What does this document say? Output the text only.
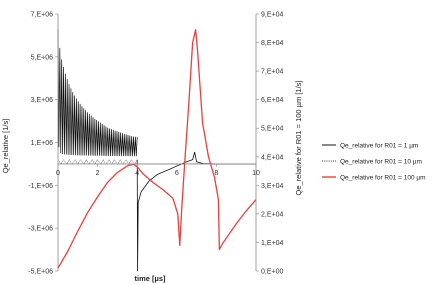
7,E+06
5,E+06
3,E+06
1,E+06
-1,E+06
-3,E+06
-5,E+06
9,E+04
8,E+04
7,E+04
6,E+04
5,E+04
4,E+04
3,E+04
2,E+04
1,E+04
0,E+00
0	2	4	6	8	10
Qe_relative [1/s]	Qe_relative for R01 = 100 µm [1/s]
time [µs]
Qe_relative for R01 = 1 µm
Qe_relative for R01 = 10 µm
Qe_relative for R01 = 100 µm
